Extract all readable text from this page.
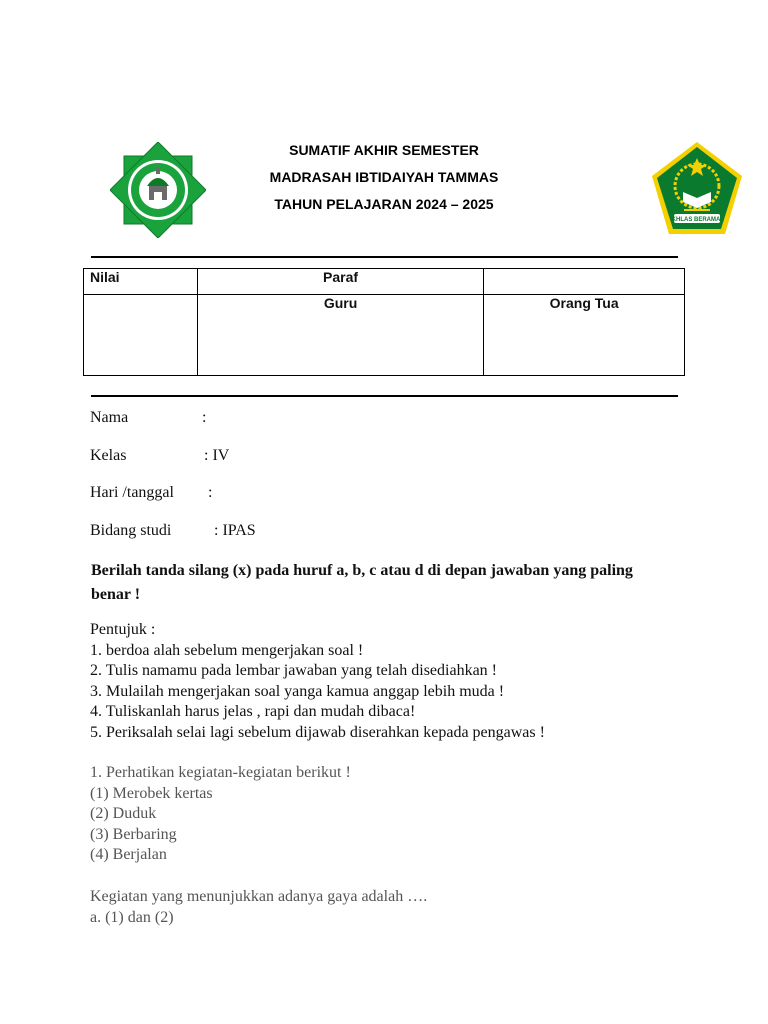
IKHLAS BERAMAL
SUMATIF AKHIR SEMESTER
MADRASAH IBTIDAIYAH TAMMAS
TAHUN PELAJARAN 2024 – 2025
Nilai	Paraf	
	Guru	Orang Tua
Nama	:
Kelas	: IV
Hari /tanggal :
Bidang studi	: IPAS
Berilah tanda silang (x) pada huruf a, b, c atau d di depan jawaban yang paling benar !
Pentujuk :
1. berdoa alah sebelum mengerjakan soal !
2. Tulis namamu pada lembar jawaban yang telah disediahkan !
3. Mulailah mengerjakan soal yanga kamua anggap lebih muda !
4. Tuliskanlah harus jelas , rapi dan mudah dibaca!
5. Periksalah selai lagi sebelum dijawab diserahkan kepada pengawas !
1. Perhatikan kegiatan-kegiatan berikut !
(1) Merobek kertas
(2) Duduk
(3) Berbaring
(4) Berjalan
Kegiatan yang menunjukkan adanya gaya adalah ….
a. (1) dan (2)
